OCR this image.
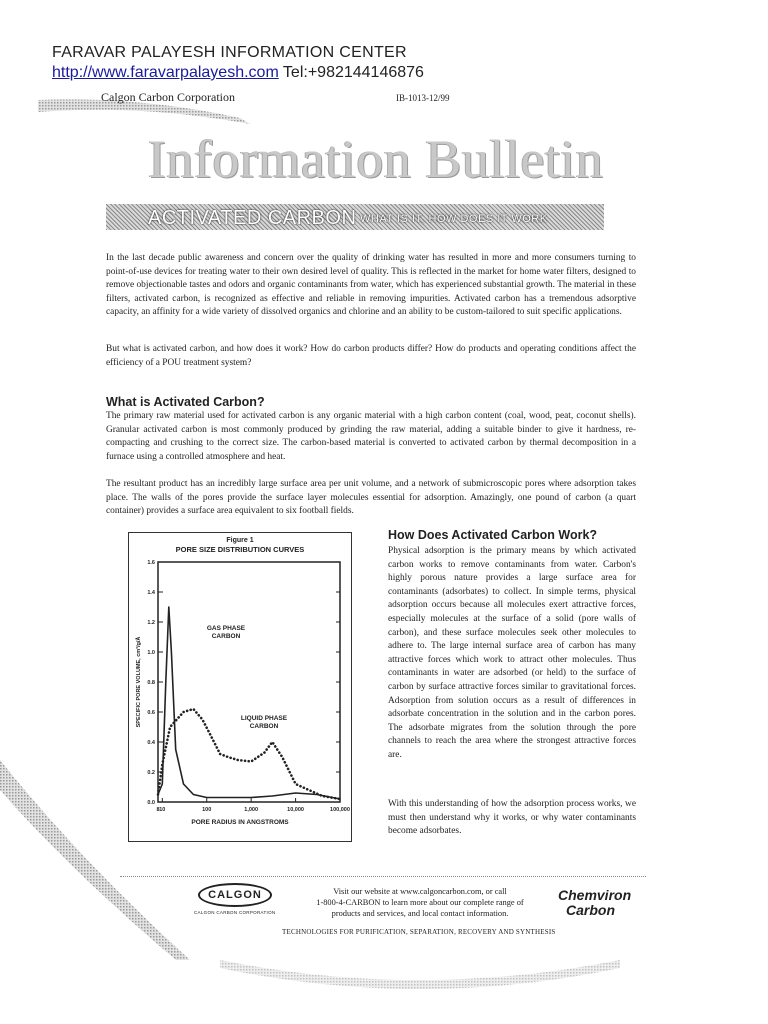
FARAVAR PALAYESH INFORMATION CENTER
http://www.faravarpalayesh.com Tel:+982144146876
Calgon Carbon Corporation	IB-1013-12/99
Information Bulletin
ACTIVATED CARBON WHAT IS IT, HOW DOES IT WORK
In the last decade public awareness and concern over the quality of drinking water has resulted in more and more consumers turning to point-of-use devices for treating water to their own desired level of quality. This is reflected in the market for home water filters, designed to remove objectionable tastes and odors and organic contaminants from water, which has experienced substantial growth. The material in these filters, activated carbon, is recognized as effective and reliable in removing impurities. Activated carbon has a tremendous adsorptive capacity, an affinity for a wide variety of dissolved organics and chlorine and an ability to be custom-tailored to suit specific applications.
But what is activated carbon, and how does it work? How do carbon products differ? How do products and operating conditions affect the efficiency of a POU treatment system?
What is Activated Carbon?
The primary raw material used for activated carbon is any organic material with a high carbon content (coal, wood, peat, coconut shells). Granular activated carbon is most commonly produced by grinding the raw material, adding a suitable binder to give it hardness, re-compacting and crushing to the correct size. The carbon-based material is converted to activated carbon by thermal decomposition in a furnace using a controlled atmosphere and heat.
The resultant product has an incredibly large surface area per unit volume, and a network of submicroscopic pores where adsorption takes place. The walls of the pores provide the surface layer molecules essential for adsorption. Amazingly, one pound of carbon (a quart container) provides a surface area equivalent to six football fields.
How Does Activated Carbon Work?
Physical adsorption is the primary means by which activated carbon works to remove contaminants from water. Carbon's highly porous nature provides a large surface area for contaminants (adsorbates) to collect. In simple terms, physical adsorption occurs because all molecules exert attractive forces, especially molecules at the surface of a solid (pore walls of carbon), and these surface molecules seek other molecules to adhere to. The large internal surface area of carbon has many attractive forces which work to attract other molecules. Thus contaminants in water are adsorbed (or held) to the surface of carbon by surface attractive forces similar to gravitational forces. Adsorption from solution occurs as a result of differences in adsorbate concentration in the solution and in the carbon pores. The adsorbate migrates from the solution through the pore channels to reach the area where the strongest attractive forces are.
With this understanding of how the adsorption process works, we must then understand why it works, or why water contaminants become adsorbates.
Figure 1
PORE SIZE DISTRIBUTION CURVES
0.0
0.2
0.4
0.6
0.8
1.0
1.2
1.4
1.6
8 10	100	1,000	10,000	100,000
PORE RADIUS IN ANGSTROMS
SPECIFIC PORE VOLUME, cm³/g/Å
GAS PHASE
CARBON
LIQUID PHASE
CARBON
CALGON
CALGON CARBON CORPORATION
Visit our website at www.calgoncarbon.com, or call
1-800-4-CARBON to learn more about our complete range of
products and services, and local contact information.
Chemviron
Carbon
TECHNOLOGIES FOR PURIFICATION, SEPARATION, RECOVERY AND SYNTHESIS
